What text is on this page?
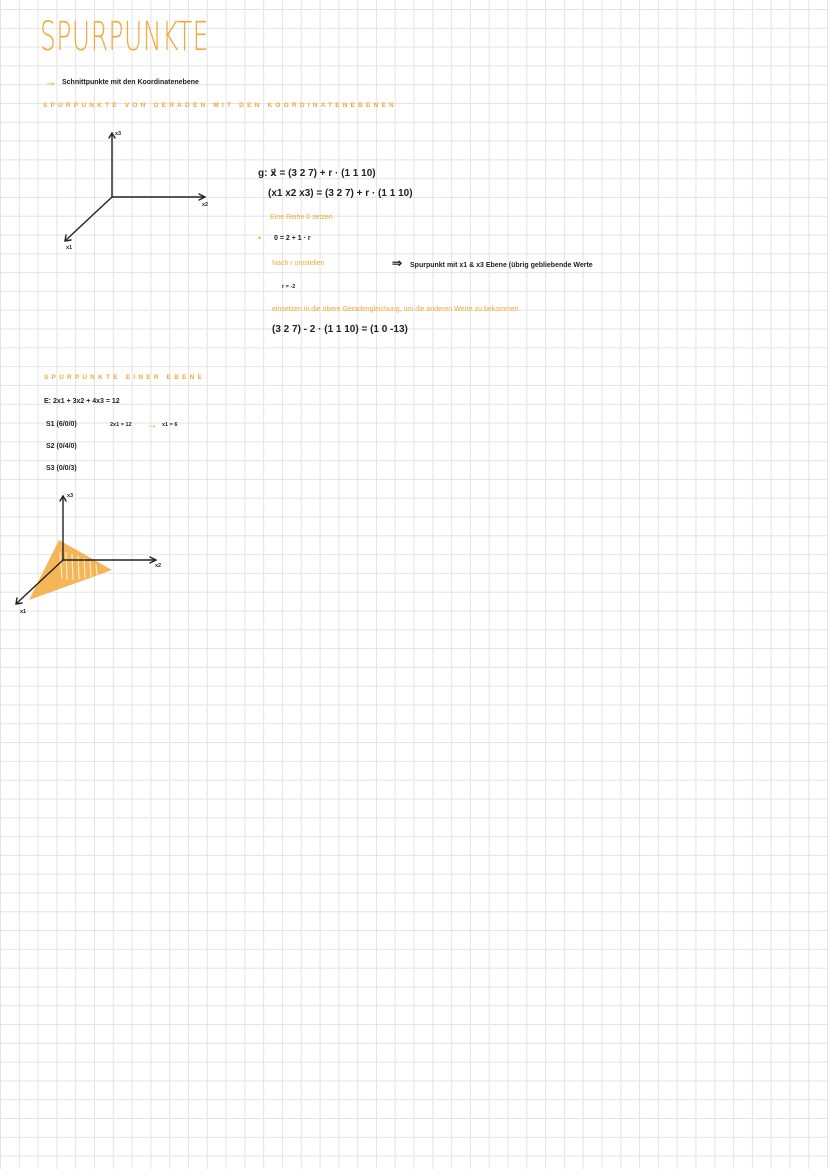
SPURPUNKTE
→ Schnittpunkte mit den Koordinatenebene
SPURPUNKTE VON GERADEN MIT DEN KOORDINATENEBENEN
x3
x2
x1
g: x⃗ = (3 2 7) + r · (1 1 10)
(x1 x2 x3) = (3 2 7) + r · (1 1 10)
Eine Reihe 0 setzen
• 0 = 2 + 1 · r
Nach r umstellen	⇒ Spurpunkt mit x1 & x3 Ebene (übrig gebliebende Werte
r = -2
einsetzen in die obere Geradengleichung, um die anderen Werte zu bekommen
(3 2 7) - 2 · (1 1 10) = (1 0 -13)
SPURPUNKTE EINER EBENE
E: 2x1 + 3x2 + 4x3 = 12
S1 (6/0/0)	2x1 = 12 → x1 = 6
S2 (0/4/0)
S3 (0/0/3)
x3
x2
x1
